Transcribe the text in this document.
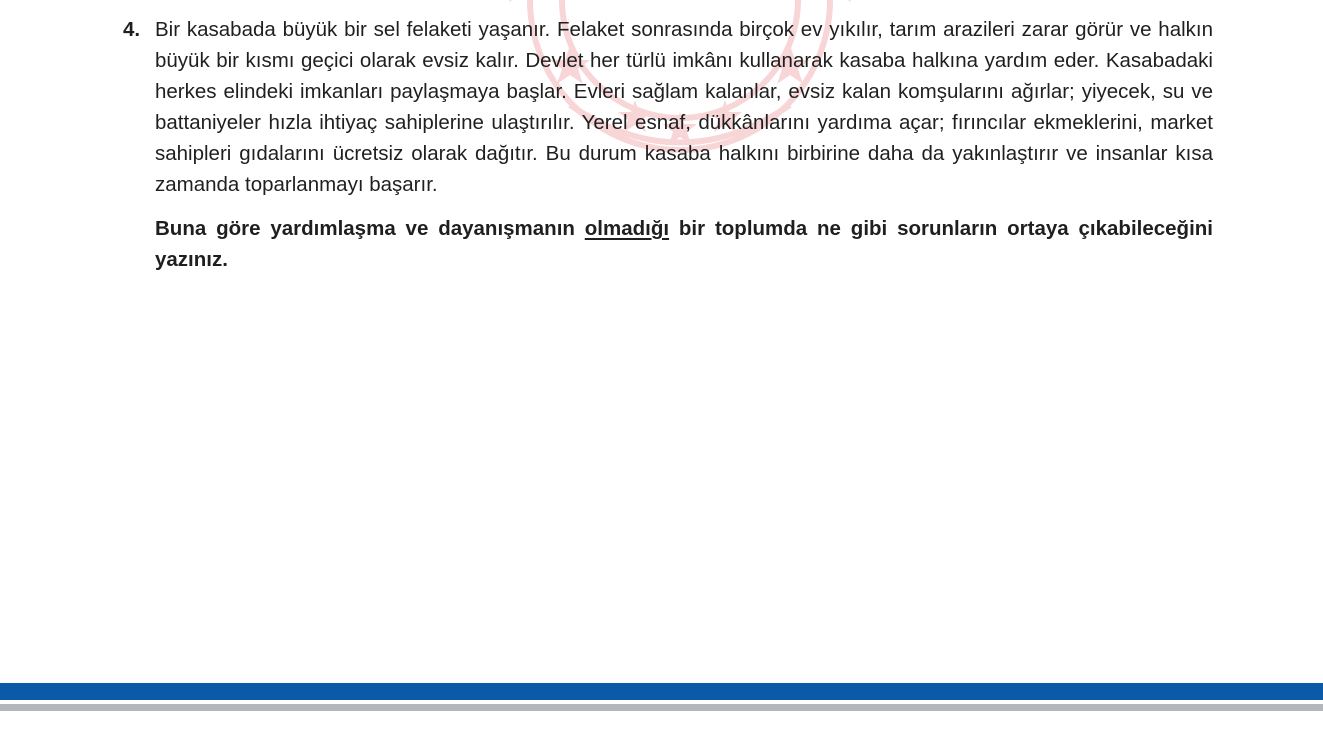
4. Bir kasabada büyük bir sel felaketi yaşanır. Felaket sonrasında birçok ev yıkılır, tarım arazileri zarar görür ve halkın büyük bir kısmı geçici olarak evsiz kalır. Devlet her türlü imkânı kullanarak kasaba halkına yardım eder. Kasabadaki herkes elindeki imkanları paylaşmaya başlar. Evleri sağlam kalanlar, evsiz kalan komşularını ağırlar; yiyecek, su ve battaniyeler hızla ihtiyaç sahiplerine ulaştırılır. Yerel esnaf, dükkânlarını yardıma açar; fırıncılar ekmeklerini, market sahipleri gıdalarını ücretsiz olarak dağıtır. Bu durum kasaba halkını birbirine daha da yakınlaştırır ve insanlar kısa zamanda toparlanmayı başarır.
Buna göre yardımlaşma ve dayanışmanın olmadığı bir toplumda ne gibi sorunların ortaya çıkabileceğini yazınız.
